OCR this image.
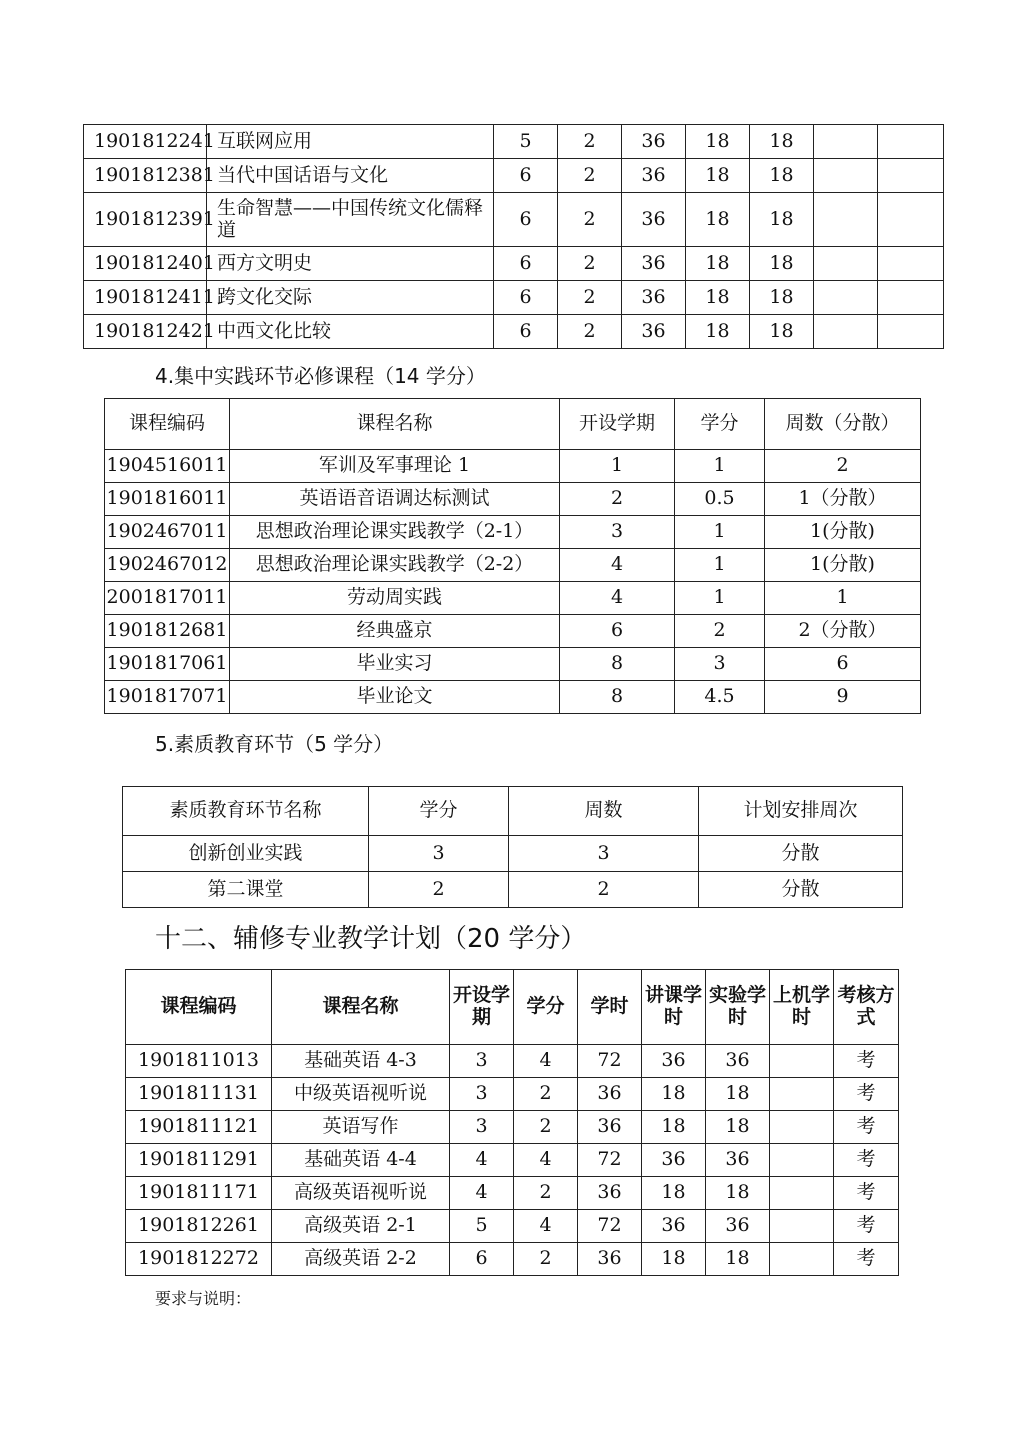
1901812241	互联网应用	5	2	36	18	18		
1901812381	当代中国话语与文化	6	2	36	18	18		
1901812391	生命智慧——中国传统文化儒释道	6	2	36	18	18		
1901812401	西方文明史	6	2	36	18	18		
1901812411	跨文化交际	6	2	36	18	18		
1901812421	中西文化比较	6	2	36	18	18		
4.集中实践环节必修课程（14 学分）
课程编码	课程名称	开设学期	学分	周数（分散）
1904516011	军训及军事理论 1	1	1	2
1901816011	英语语音语调达标测试	2	0.5	1（分散）
1902467011	思想政治理论课实践教学（2-1）	3	1	1(分散)
1902467012	思想政治理论课实践教学（2-2）	4	1	1(分散)
2001817011	劳动周实践	4	1	1
1901812681	经典盛京	6	2	2（分散）
1901817061	毕业实习	8	3	6
1901817071	毕业论文	8	4.5	9
5.素质教育环节（5 学分）
素质教育环节名称	学分	周数	计划安排周次
创新创业实践	3	3	分散
第二课堂	2	2	分散
十二、辅修专业教学计划（20 学分）
课程编码	课程名称	开设学期	学分	学时	讲课学时	实验学时	上机学时	考核方式
1901811013	基础英语 4-3	3	4	72	36	36		考
1901811131	中级英语视听说	3	2	36	18	18		考
1901811121	英语写作	3	2	36	18	18		考
1901811291	基础英语 4-4	4	4	72	36	36		考
1901811171	高级英语视听说	4	2	36	18	18		考
1901812261	高级英语 2-1	5	4	72	36	36		考
1901812272	高级英语 2-2	6	2	36	18	18		考
要求与说明：
